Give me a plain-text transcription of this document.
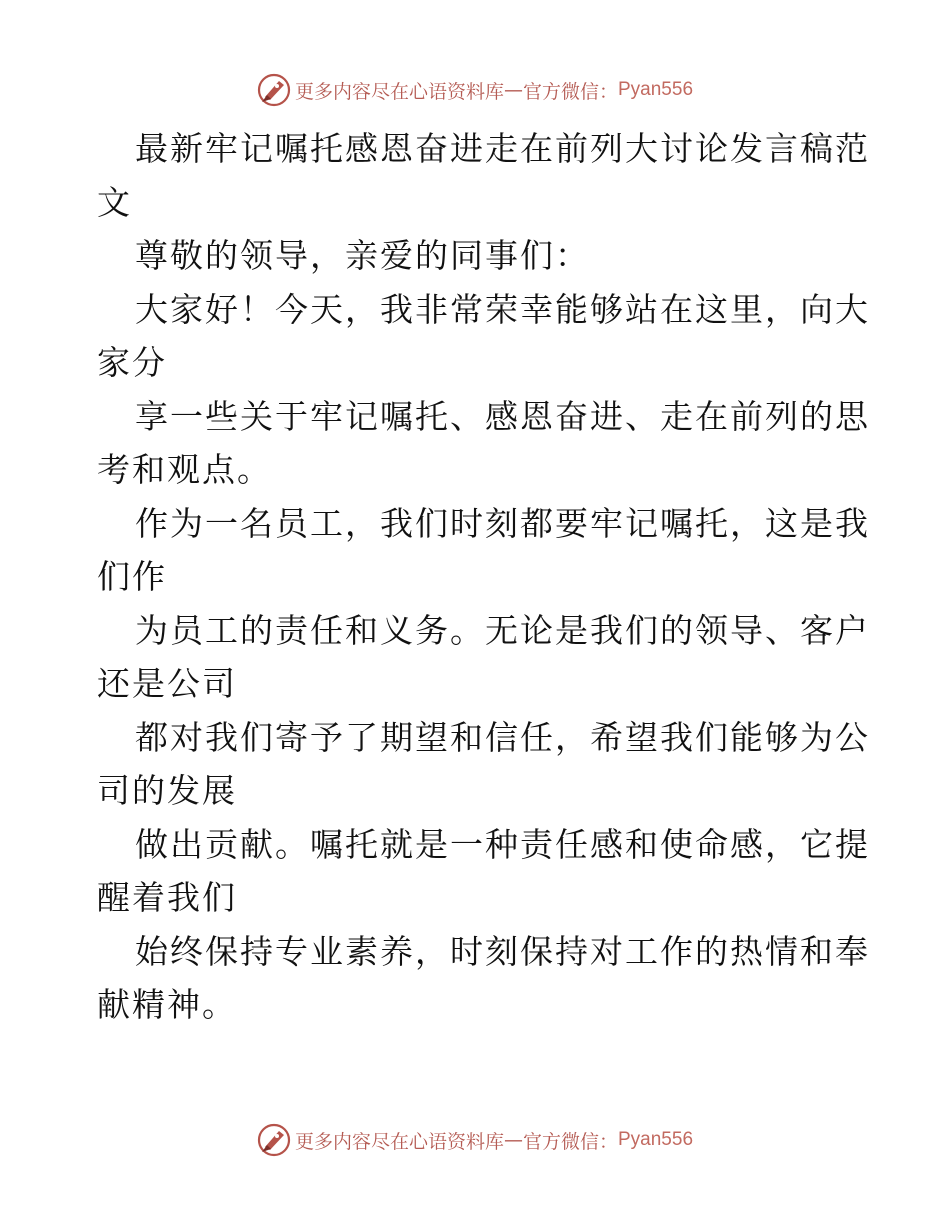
更多内容尽在心语资料库 — 官方微信： Pyan556
最新牢记嘱托感恩奋进走在前列大讨论发言稿范
文
尊敬的领导，亲爱的同事们：
大家好！今天，我非常荣幸能够站在这里，向大
家分
享一些关于牢记嘱托、感恩奋进、走在前列的思
考和观点。
作为一名员工，我们时刻都要牢记嘱托，这是我
们作
为员工的责任和义务。无论是我们的领导、客户
还是公司
都对我们寄予了期望和信任，希望我们能够为公
司的发展
做出贡献。嘱托就是一种责任感和使命感，它提
醒着我们
始终保持专业素养，时刻保持对工作的热情和奉
献精神。
更多内容尽在心语资料库 — 官方微信： Pyan556
